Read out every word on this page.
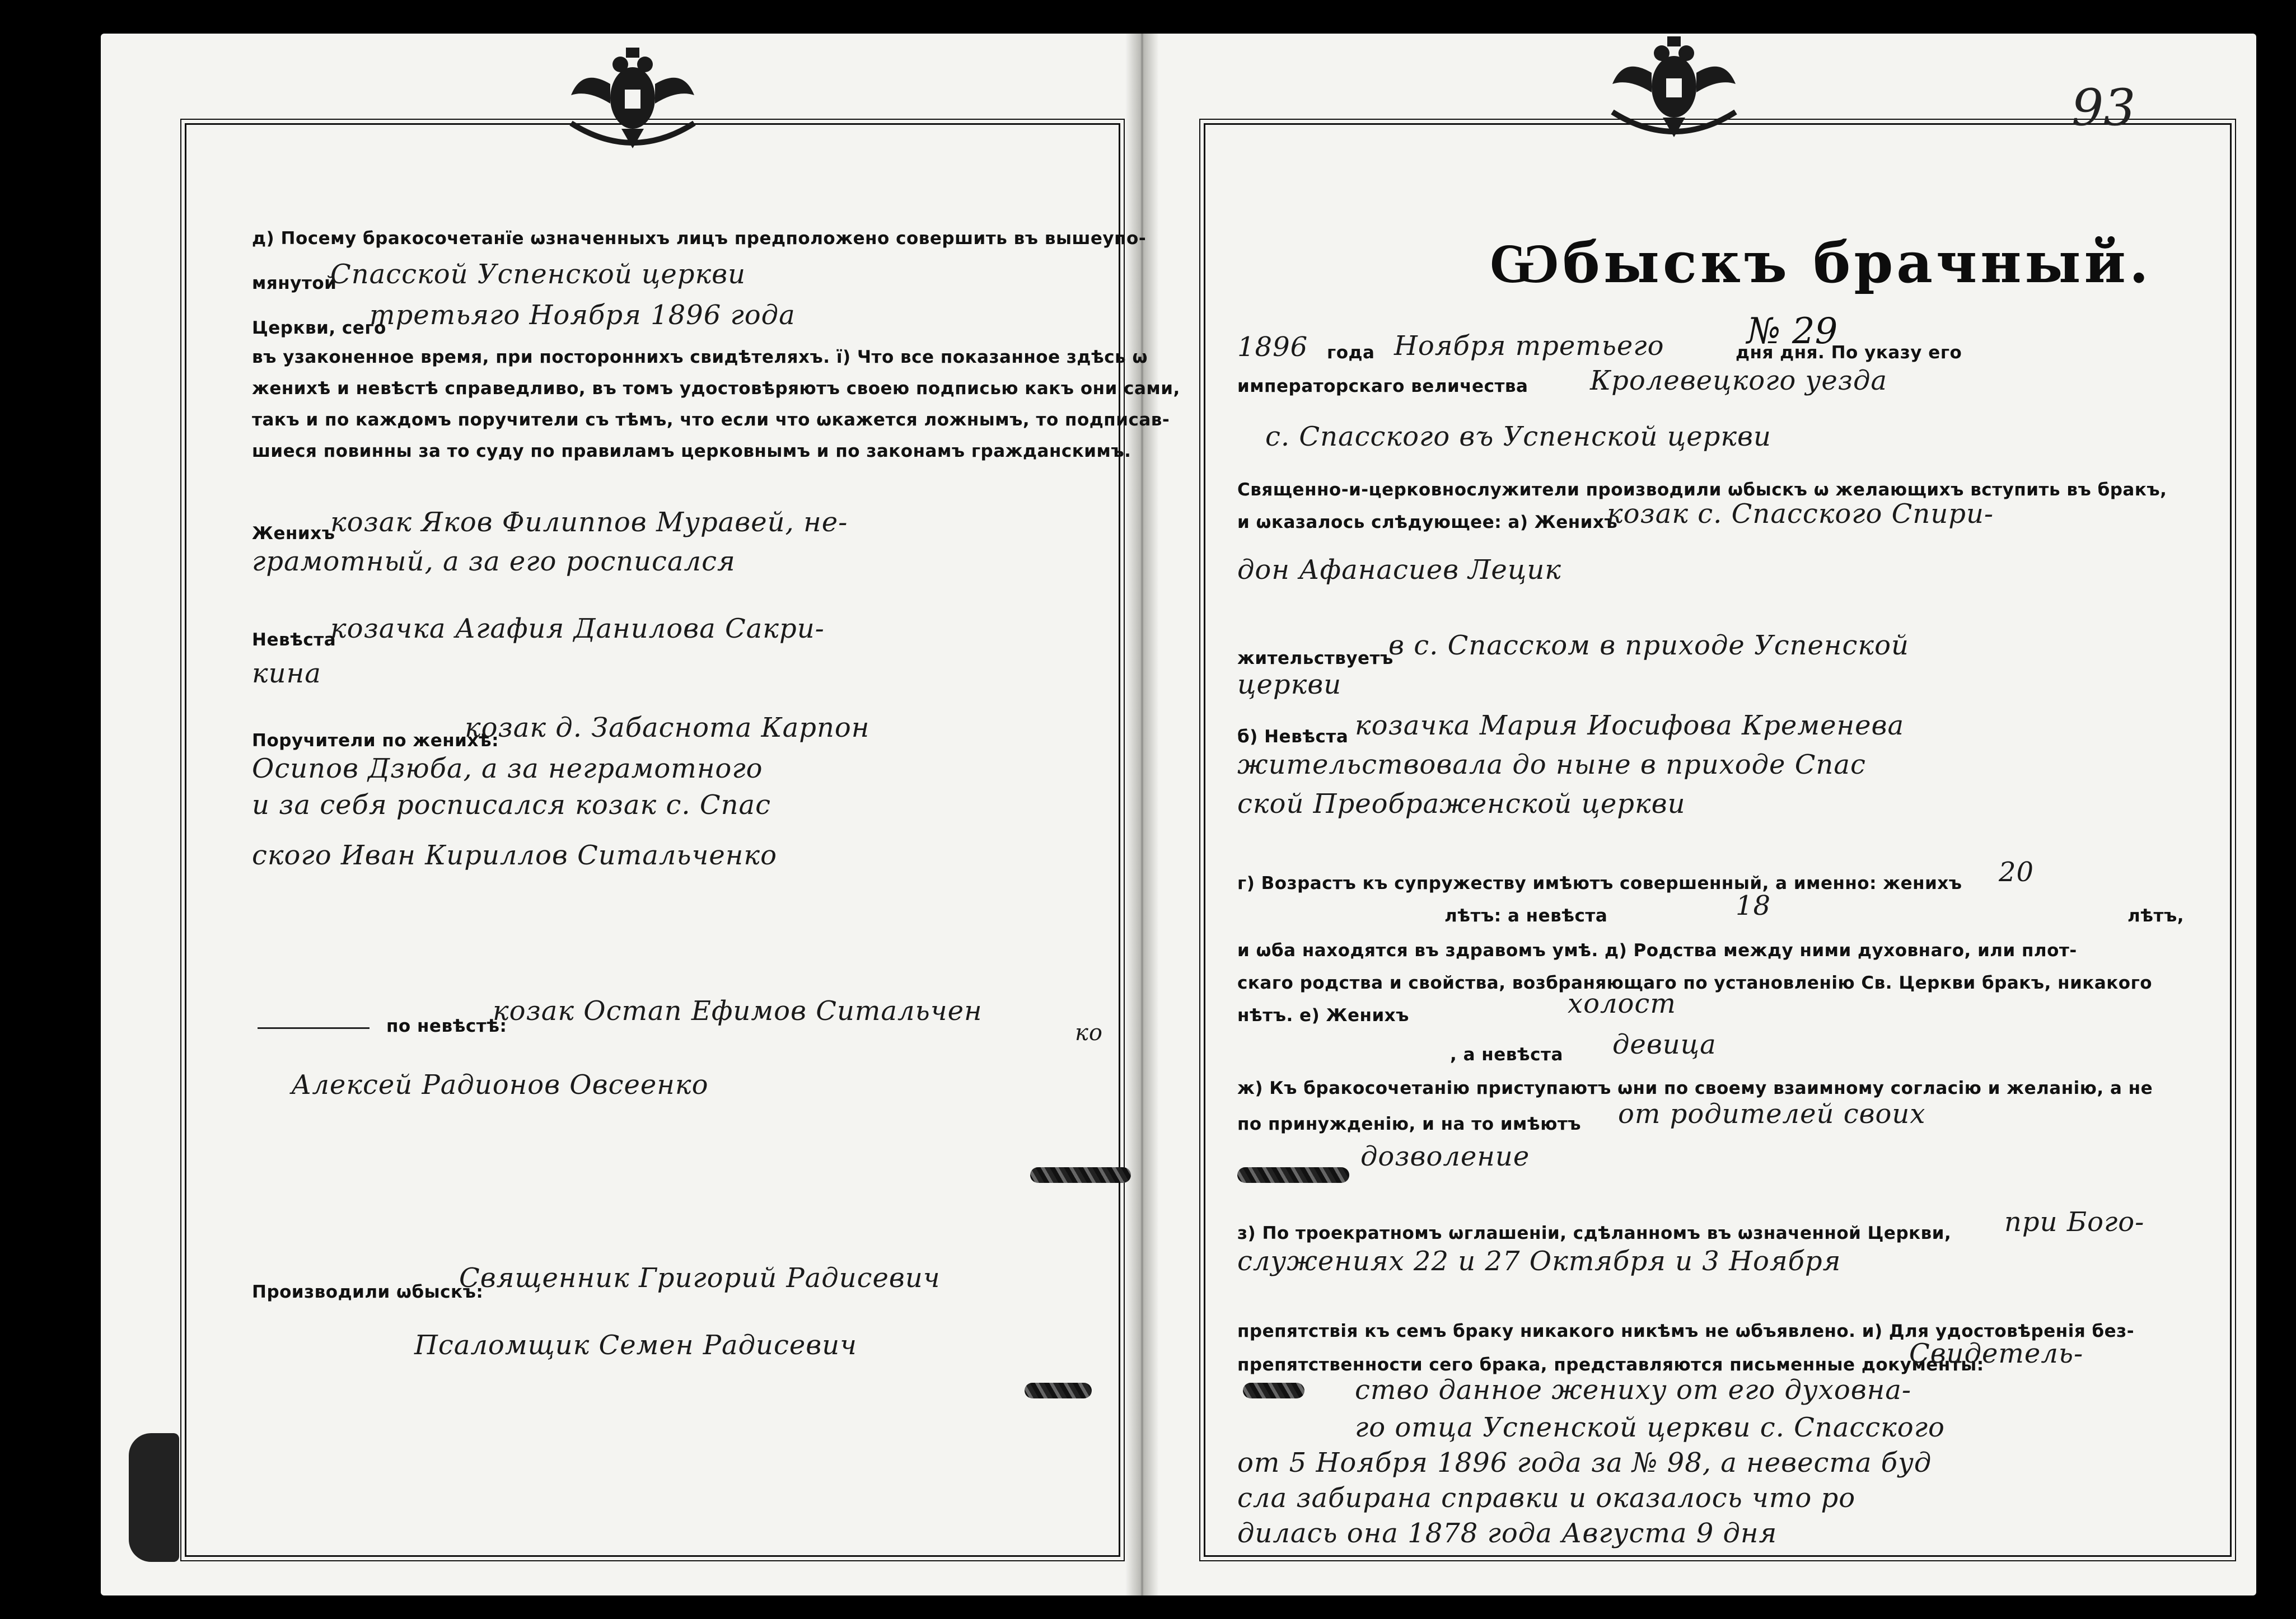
93
д) Посему бракосочетанїе ѡзначенныхъ лицъ предположено совершить въ вышеупо-
мянутой
Спасской Успенской церкви
Церкви, сего
третьяго Ноября 1896 года
въ узаконенное время, при постороннихъ свидѣтеляхъ. ї) Что все показанное здѣсь ѡ
женихѣ и невѣстѣ справедливо, въ томъ удостовѣряютъ своею подписью какъ они сами,
такъ и по каждомъ поручители съ тѣмъ, что если что ѡкажется ложнымъ, то подписав-
шиеся повинны за то суду по правиламъ церковнымъ и по законамъ гражданскимъ.
Женихъ
козак Яков Филиппов Муравей, не-
грамотный, а за его росписался
Невѣста
козачка Агафия Данилова Сакри-
кина
Поручители по женихѣ:
козак д. Забаснота Карпон
Осипов Дзюба, а за неграмотного
и за себя росписался козак с. Спас
ского Иван Кириллов Ситальченко
по невѣстѣ:
козак Остап Ефимов Ситальчен
ко
Алексей Радионов Овсеенко
Производили ѡбыскъ:
Священник Григорий Радисевич
Псаломщик Семен Радисевич
Ѡбыскъ брачный.
№ 29
1896 года Ноября третьего	дня дня. По указу его
императорскаго величества Кролевецкого уезда
с. Спасского въ Успенской церкви
Священно-и-церковнослужители производили ѡбыскъ ѡ желающихъ вступить въ бракъ,
и ѡказалось слѣдующее: а) Женихъ
козак с. Спасского Спири-
дон Афанасиев Лецик
жительствуетъ
в с. Спасском в приходе Успенской
церкви
б) Невѣста козачка Мария Иосифова Кременева
жительствовала до ныне в приходе Спас
ской Преображенской церкви
г) Возрастъ къ супружеству имѣютъ совершенный, а именно: женихъ 20
лѣтъ,
лѣтъ: а невѣста	18
и ѡба находятся въ здравомъ умѣ. д) Родства между ними духовнаго, или плот-
скаго родства и свойства, возбраняющаго по установленію Св. Церкви бракъ, никакого
нѣтъ. е) Женихъ	холост
, а невѣста девица
ж) Къ бракосочетанію приступаютъ ѡни по своему взаимному согласію и желанію, а не
по принужденію, и на то имѣютъ от родителей своих
дозволение
з) По троекратномъ ѡглашеніи, сдѣланномъ въ ѡзначенной Церкви, при Бого-
служениях 22 и 27 Октября и 3 Ноября
препятствія къ семъ браку никакого никѣмъ не ѡбъявлено. и) Для удостовѣренія без-
препятственности сего брака, представляются письменные документы:
Свидетель-
ство данное жениху от его духовна-
го отца Успенской церкви с. Спасского
от 5 Ноября 1896 года за № 98, а невеста буд
сла забирана справки и оказалось что ро
дилась она 1878 года Августа 9 дня
